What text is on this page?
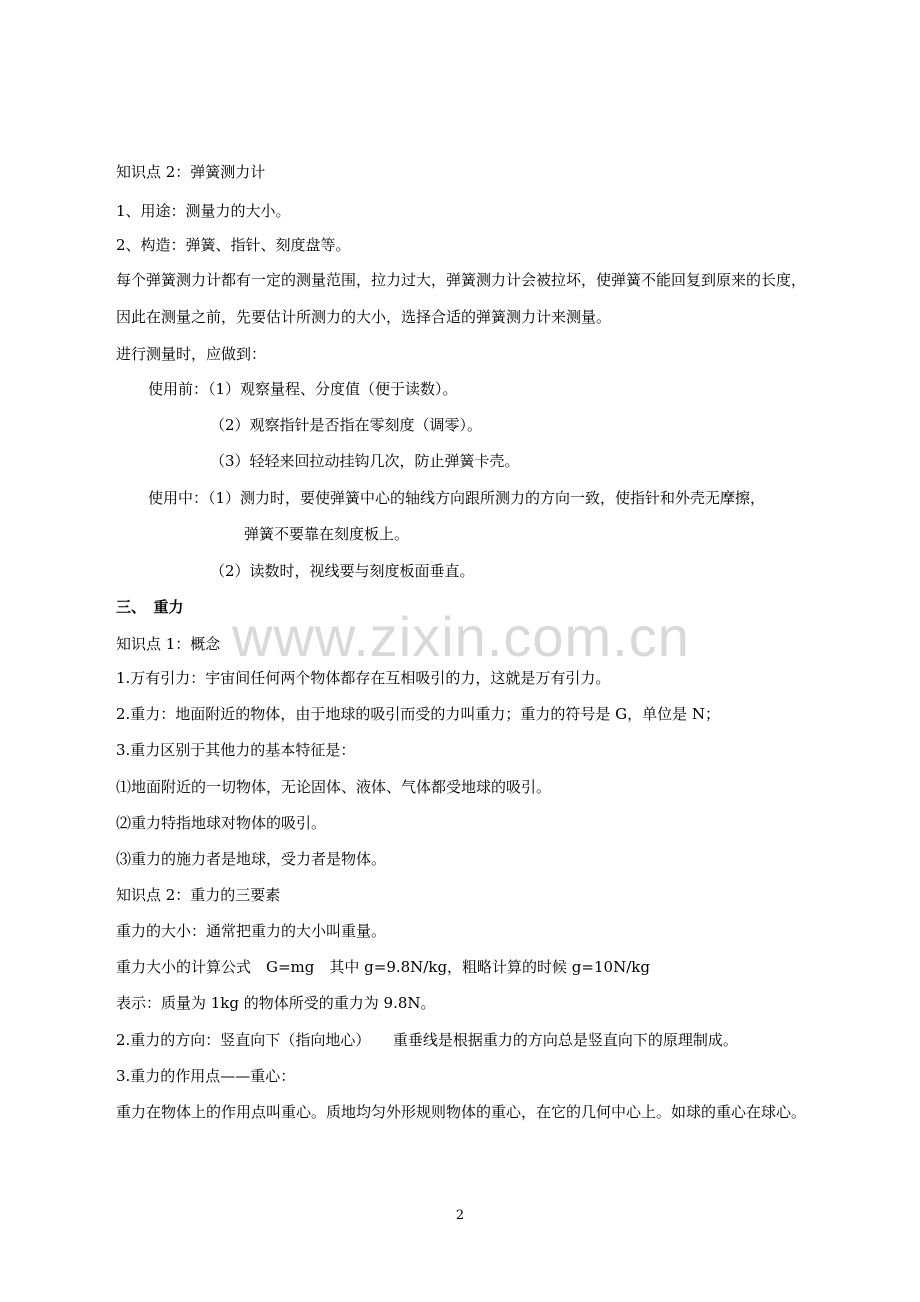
www.zixin.com.cn
知识点 2：弹簧测力计
1、用途：测量力的大小。
2、构造：弹簧、指针、刻度盘等。
每个弹簧测力计都有一定的测量范围，拉力过大，弹簧测力计会被拉坏，使弹簧不能回复到原来的长度，
因此在测量之前，先要估计所测力的大小，选择合适的弹簧测力计来测量。
进行测量时，应做到：
使用前：（1）观察量程、分度值（便于读数）。
（2）观察指针是否指在零刻度（调零）。
（3）轻轻来回拉动挂钩几次，防止弹簧卡壳。
使用中：（1）测力时，要使弹簧中心的轴线方向跟所测力的方向一致，使指针和外壳无摩擦，
弹簧不要靠在刻度板上。
（2）读数时，视线要与刻度板面垂直。
三、　重力
知识点 1：概念
1.万有引力：宇宙间任何两个物体都存在互相吸引的力，这就是万有引力。
2.重力：地面附近的物体，由于地球的吸引而受的力叫重力；重力的符号是 G，单位是 N；
3.重力区别于其他力的基本特征是：
⑴地面附近的一切物体，无论固体、液体、气体都受地球的吸引。
⑵重力特指地球对物体的吸引。
⑶重力的施力者是地球，受力者是物体。
知识点 2：重力的三要素
重力的大小：通常把重力的大小叫重量。
重力大小的计算公式　G=mg　其中 g=9.8N/kg，粗略计算的时候 g=10N/kg
表示：质量为 1kg 的物体所受的重力为 9.8N。
2.重力的方向：竖直向下（指向地心）　　重垂线是根据重力的方向总是竖直向下的原理制成。
3.重力的作用点——重心：
重力在物体上的作用点叫重心。质地均匀外形规则物体的重心，在它的几何中心上。如球的重心在球心。
2
